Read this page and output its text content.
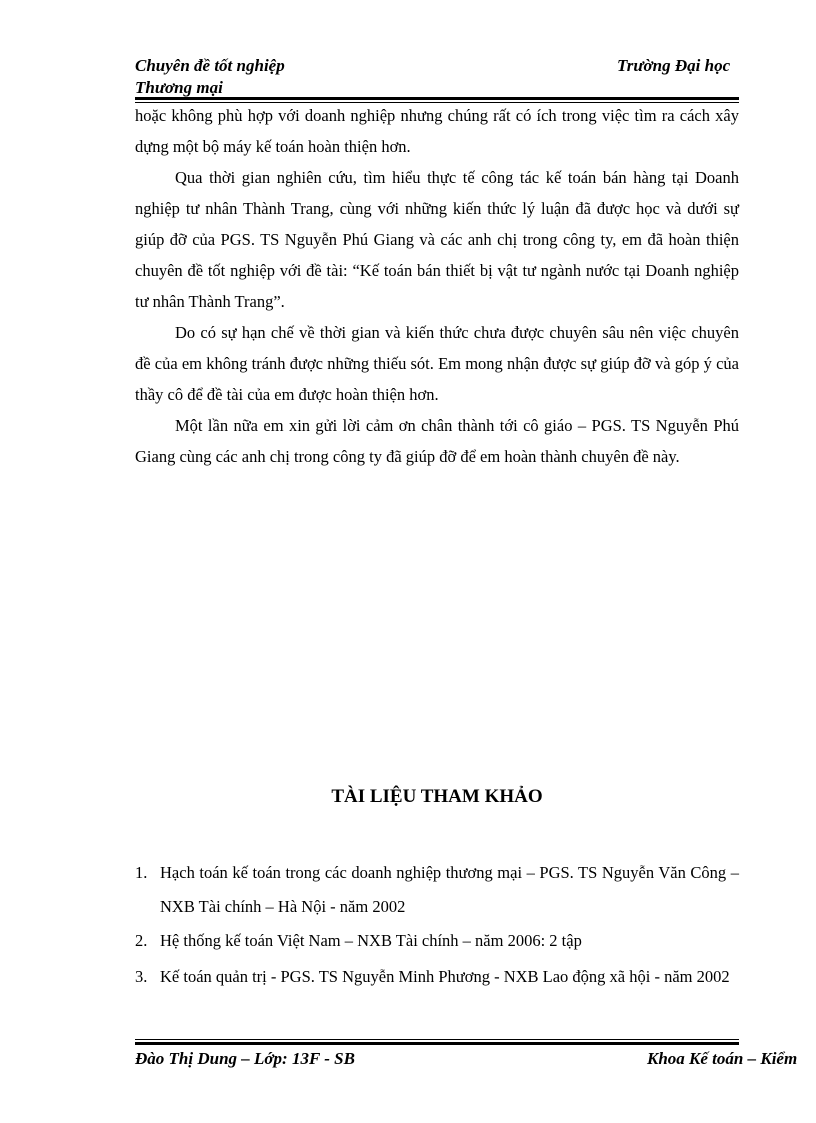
Chuyên đề tốt nghiệp
Thương mại
Trường Đại học

hoặc không phù hợp với doanh nghiệp nhưng chúng rất có ích trong việc tìm ra cách xây dựng một bộ máy kế toán hoàn thiện hơn.

Qua thời gian nghiên cứu, tìm hiểu thực tế công tác kế toán bán hàng tại Doanh nghiệp tư nhân Thành Trang, cùng với những kiến thức lý luận đã được học và dưới sự giúp đỡ của PGS. TS Nguyễn Phú Giang và các anh chị trong công ty, em đã hoàn thiện chuyên đề tốt nghiệp với đề tài: “Kế toán bán thiết bị vật tư ngành nước tại Doanh nghiệp tư nhân Thành Trang”.

Do có sự hạn chế về thời gian và kiến thức chưa được chuyên sâu nên việc chuyên đề của em không tránh được những thiếu sót. Em mong nhận được sự giúp đỡ và góp ý của thầy cô để đề tài của em được hoàn thiện hơn.

Một lần nữa em xin gửi lời cảm ơn chân thành tới cô giáo – PGS. TS Nguyễn Phú Giang cùng các anh chị trong công ty đã giúp đỡ để em hoàn thành chuyên đề này.

TÀI LIỆU THAM KHẢO
1. Hạch toán kế toán trong các doanh nghiệp thương mại – PGS. TS Nguyễn Văn Công – NXB Tài chính – Hà Nội - năm 2002
2. Hệ thống kế toán Việt Nam – NXB Tài chính – năm 2006: 2 tập
3. Kế toán quản trị - PGS. TS Nguyễn Minh Phương - NXB Lao động xã hội - năm 2002
Đào Thị Dung – Lớp: 13F - SB	Khoa Kế toán – Kiểm
